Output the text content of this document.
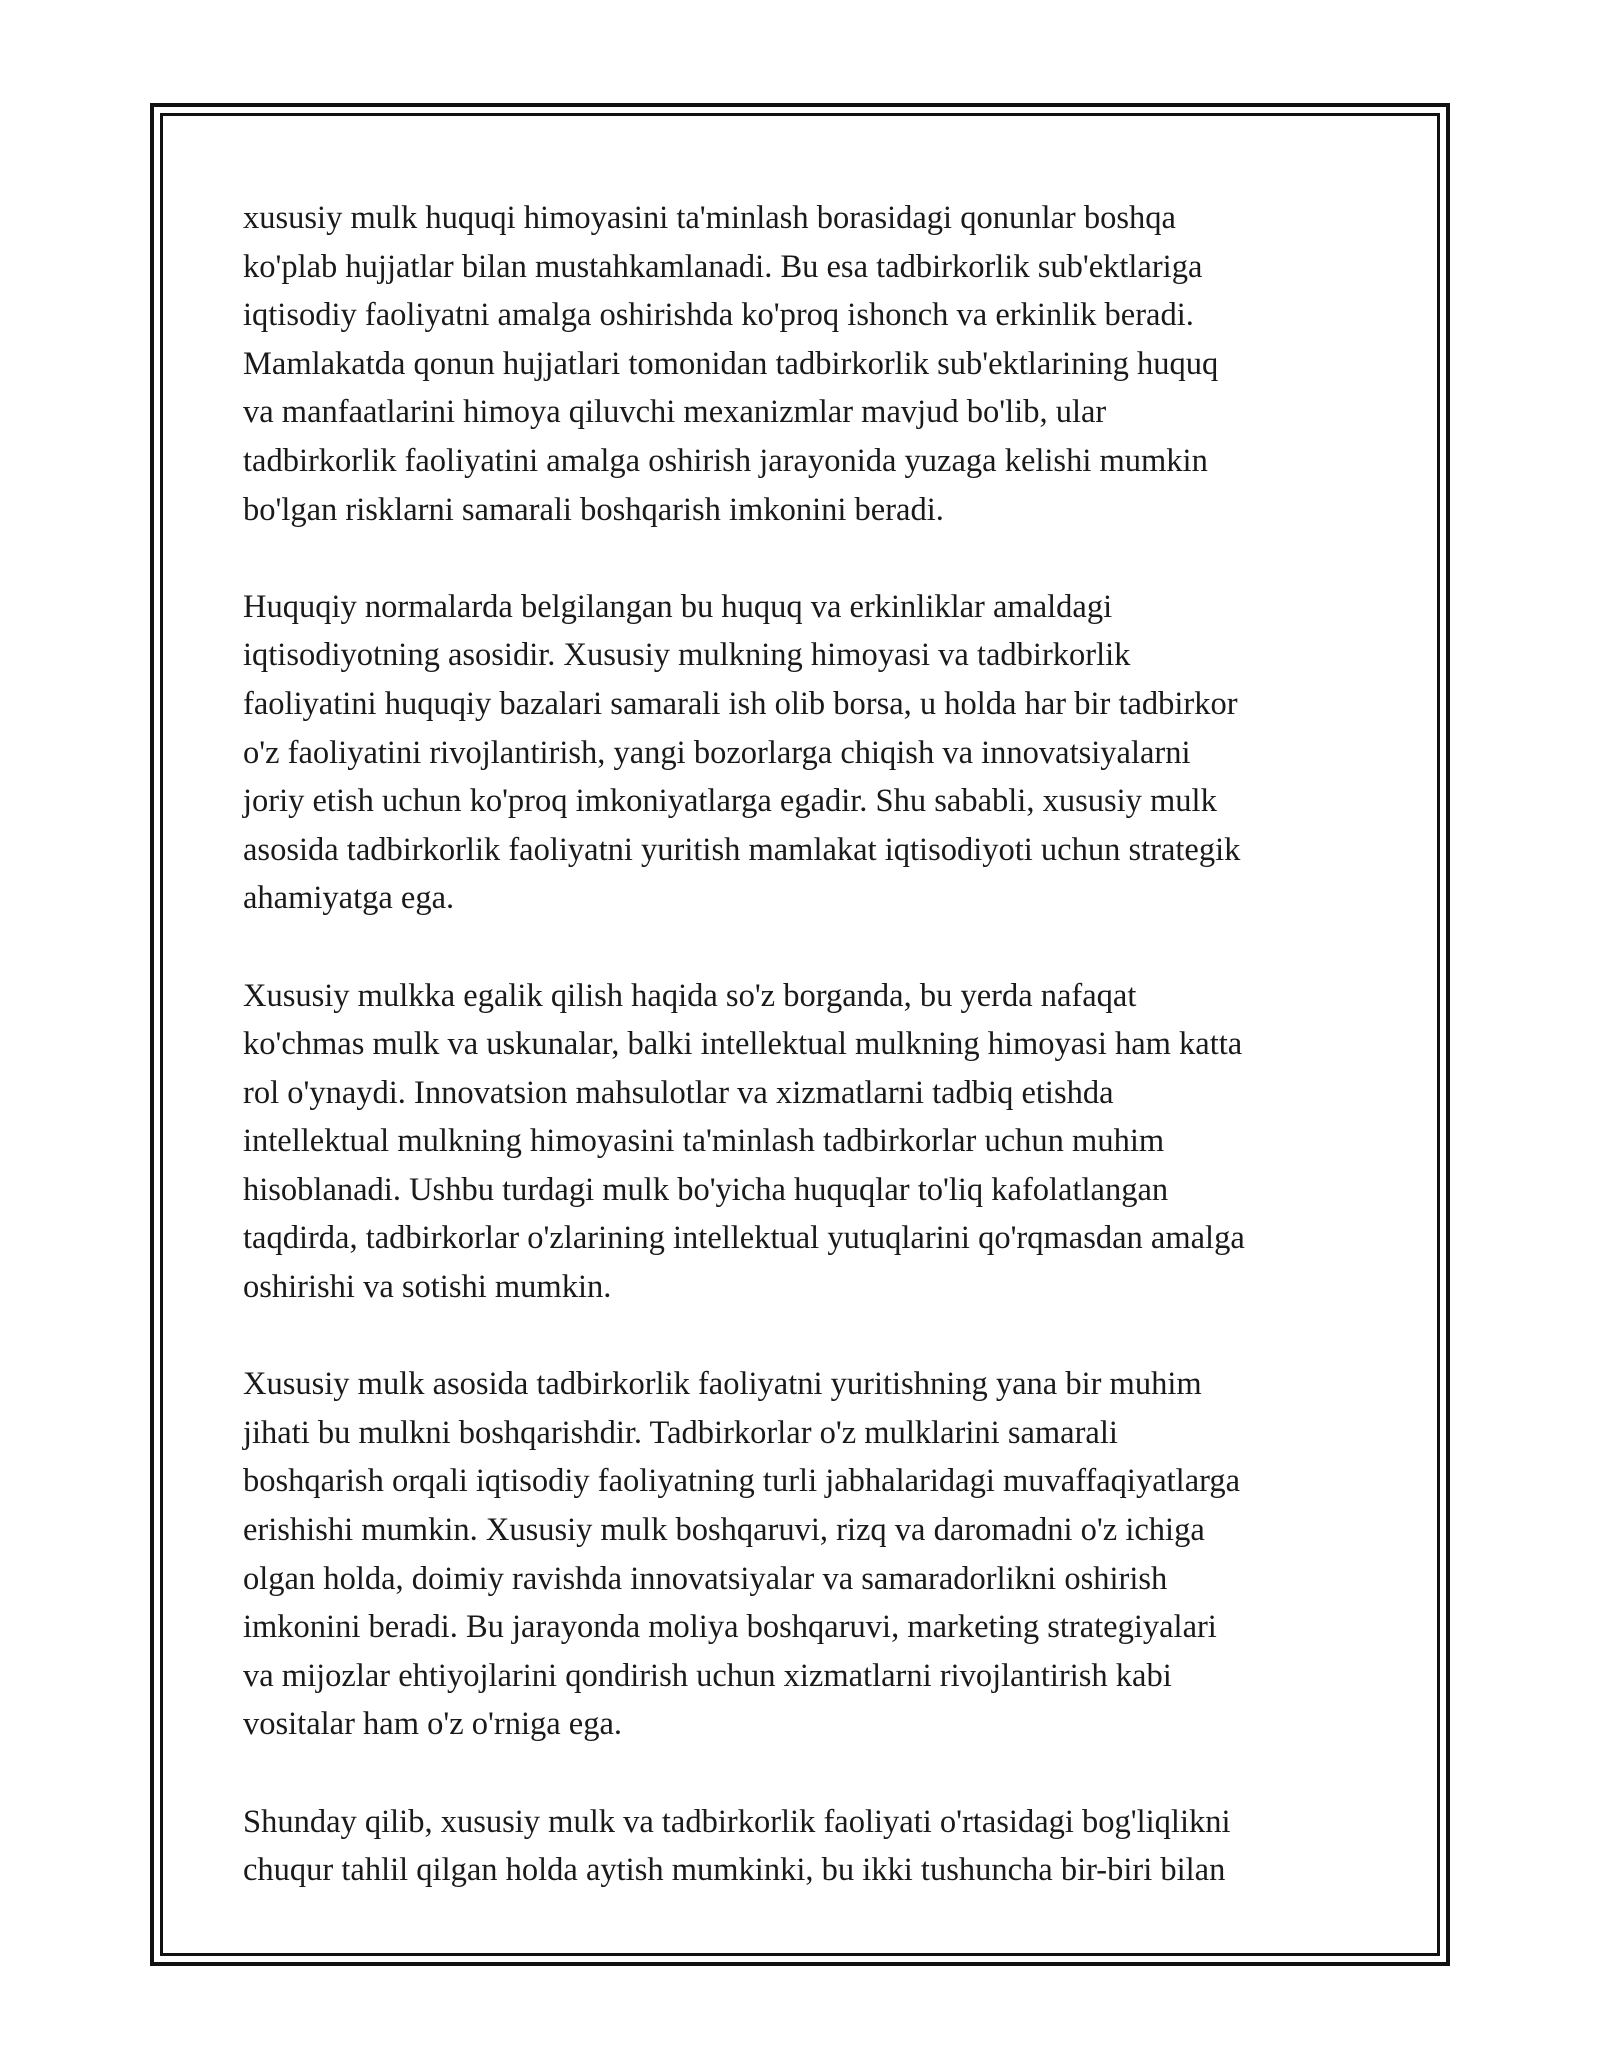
xususiy mulk huquqi himoyasini ta'minlash borasidagi qonunlar boshqa
ko'plab hujjatlar bilan mustahkamlanadi. Bu esa tadbirkorlik sub'ektlariga
iqtisodiy faoliyatni amalga oshirishda ko'proq ishonch va erkinlik beradi.
Mamlakatda qonun hujjatlari tomonidan tadbirkorlik sub'ektlarining huquq
va manfaatlarini himoya qiluvchi mexanizmlar mavjud bo'lib, ular
tadbirkorlik faoliyatini amalga oshirish jarayonida yuzaga kelishi mumkin
bo'lgan risklarni samarali boshqarish imkonini beradi.

Huquqiy normalarda belgilangan bu huquq va erkinliklar amaldagi
iqtisodiyotning asosidir. Xususiy mulkning himoyasi va tadbirkorlik
faoliyatini huquqiy bazalari samarali ish olib borsa, u holda har bir tadbirkor
o'z faoliyatini rivojlantirish, yangi bozorlarga chiqish va innovatsiyalarni
joriy etish uchun ko'proq imkoniyatlarga egadir. Shu sababli, xususiy mulk
asosida tadbirkorlik faoliyatni yuritish mamlakat iqtisodiyoti uchun strategik
ahamiyatga ega.

Xususiy mulkka egalik qilish haqida so'z borganda, bu yerda nafaqat
ko'chmas mulk va uskunalar, balki intellektual mulkning himoyasi ham katta
rol o'ynaydi. Innovatsion mahsulotlar va xizmatlarni tadbiq etishda
intellektual mulkning himoyasini ta'minlash tadbirkorlar uchun muhim
hisoblanadi. Ushbu turdagi mulk bo'yicha huquqlar to'liq kafolatlangan
taqdirda, tadbirkorlar o'zlarining intellektual yutuqlarini qo'rqmasdan amalga
oshirishi va sotishi mumkin.

Xususiy mulk asosida tadbirkorlik faoliyatni yuritishning yana bir muhim
jihati bu mulkni boshqarishdir. Tadbirkorlar o'z mulklarini samarali
boshqarish orqali iqtisodiy faoliyatning turli jabhalaridagi muvaffaqiyatlarga
erishishi mumkin. Xususiy mulk boshqaruvi, rizq va daromadni o'z ichiga
olgan holda, doimiy ravishda innovatsiyalar va samaradorlikni oshirish
imkonini beradi. Bu jarayonda moliya boshqaruvi, marketing strategiyalari
va mijozlar ehtiyojlarini qondirish uchun xizmatlarni rivojlantirish kabi
vositalar ham o'z o'rniga ega.

Shunday qilib, xususiy mulk va tadbirkorlik faoliyati o'rtasidagi bog'liqlikni
chuqur tahlil qilgan holda aytish mumkinki, bu ikki tushuncha bir-biri bilan
